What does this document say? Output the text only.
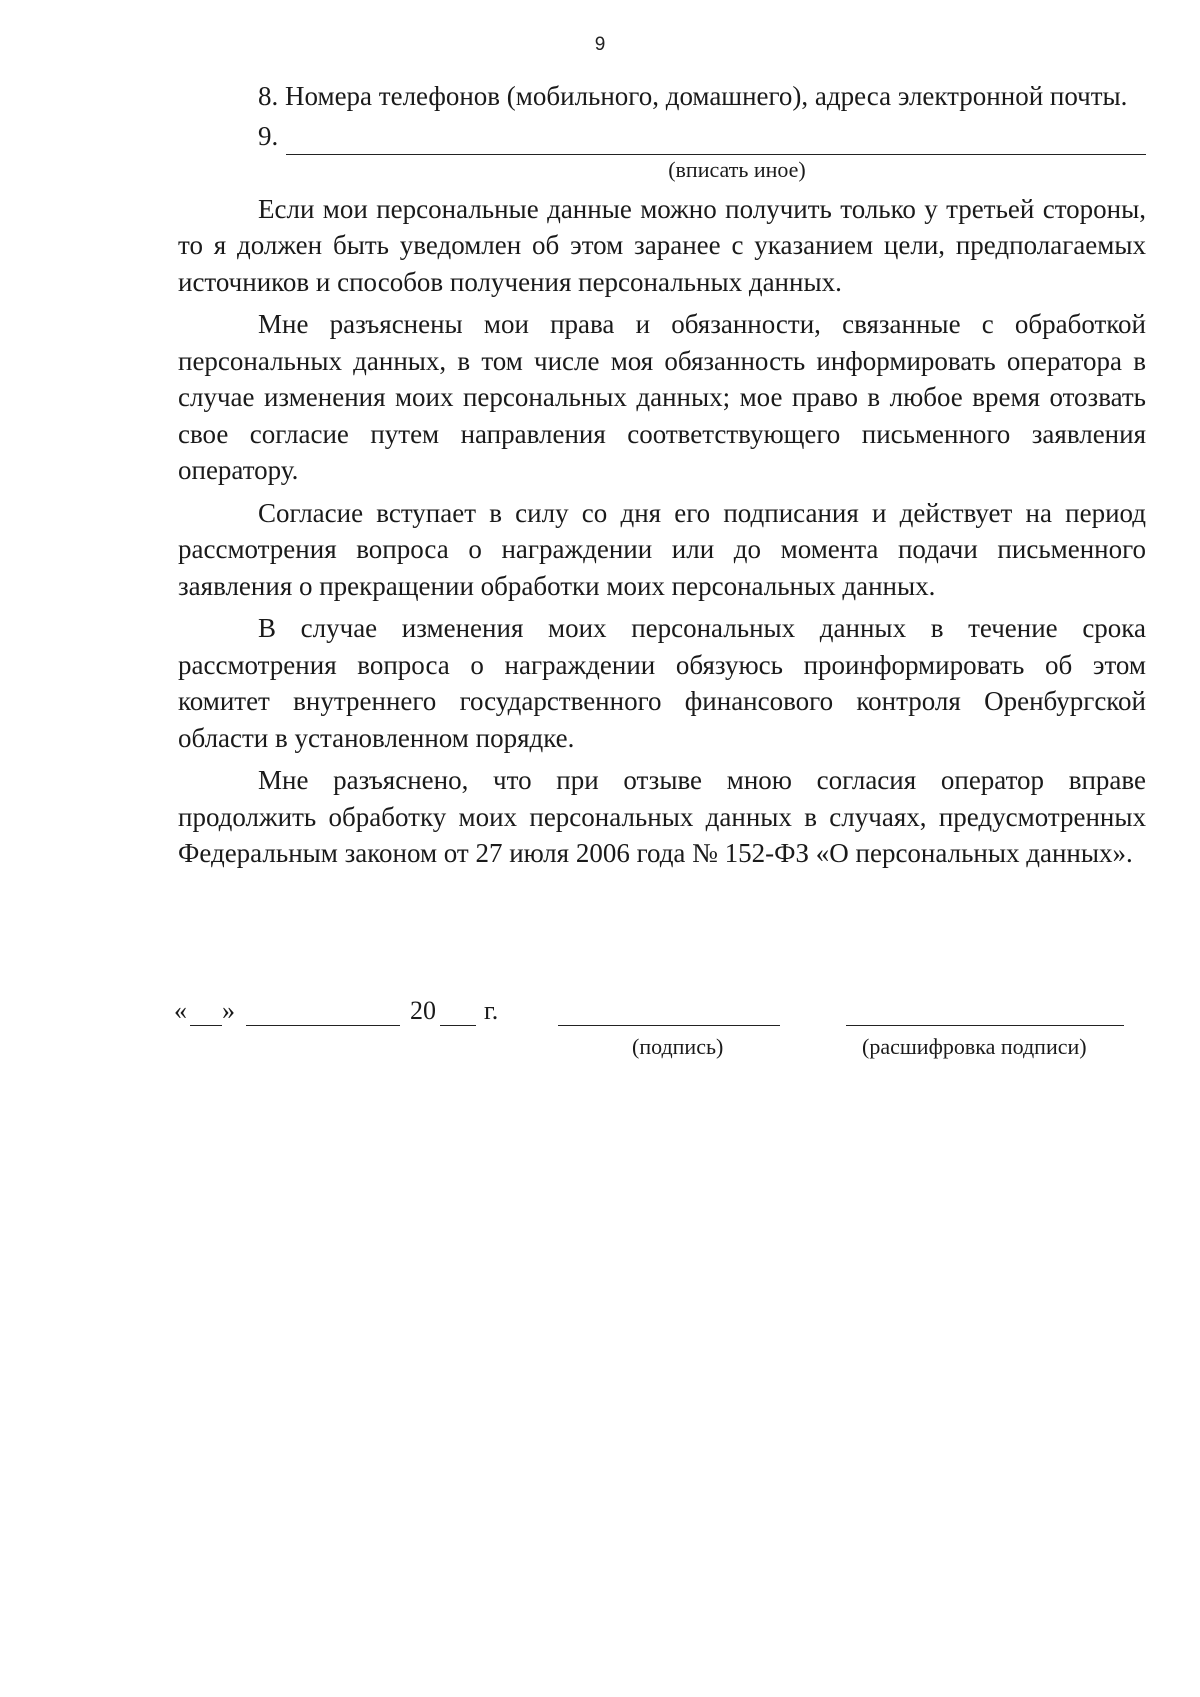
9

8. Номера телефонов (мобильного, домашнего), адреса электронной почты.

9.
(вписать иное)

Если мои персональные данные можно получить только у третьей стороны, то я должен быть уведомлен об этом заранее с указанием цели, предполагаемых источников и способов получения персональных данных.

Мне разъяснены мои права и обязанности, связанные с обработкой персональных данных, в том числе моя обязанность информировать оператора в случае изменения моих персональных данных; мое право в любое время отозвать свое согласие путем направления соответствующего письменного заявления оператору.

Согласие вступает в силу со дня его подписания и действует на период рассмотрения вопроса о награждении или до момента подачи письменного заявления о прекращении обработки моих персональных данных.

В случае изменения моих персональных данных в течение срока рассмотрения вопроса о награждении обязуюсь проинформировать об этом комитет внутреннего государственного финансового контроля Оренбургской области в установленном порядке.

Мне разъяснено, что при отзыве мною согласия оператор вправе продолжить обработку моих персональных данных в случаях, предусмотренных Федеральным законом от 27 июля 2006 года № 152-ФЗ «О персональных данных».

« »	20 г.
(подпись)	(расшифровка подписи)
